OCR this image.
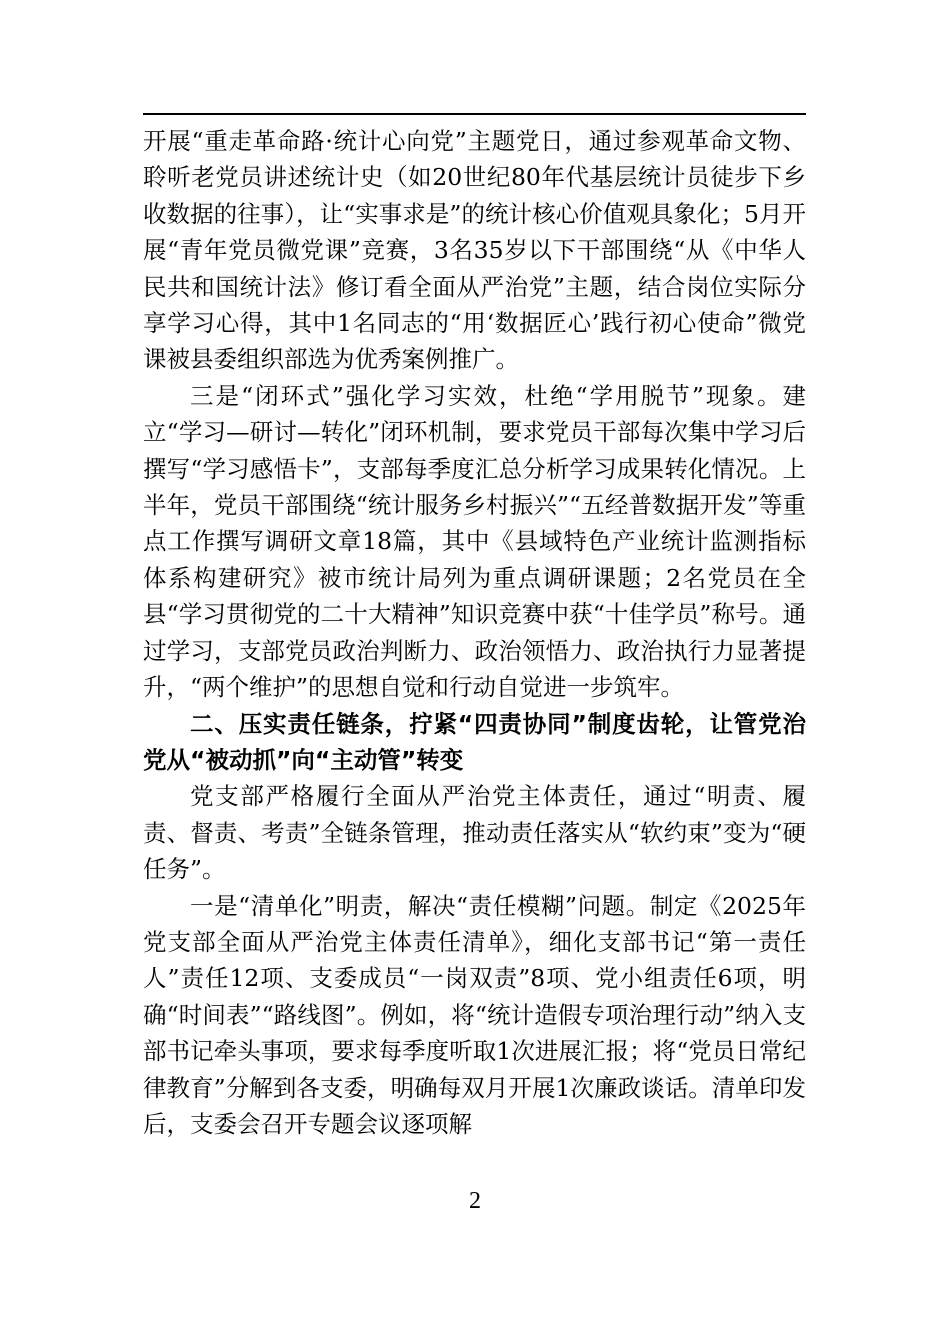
开展“重走革命路·统计心向党”主题党日，通过参观革命文物、聆听老党员讲述统计史（如20世纪80年代基层统计员徒步下乡收数据的往事），让“实事求是”的统计核心价值观具象化；5月开展“青年党员微党课”竞赛，3名35岁以下干部围绕“从《中华人民共和国统计法》修订看全面从严治党”主题，结合岗位实际分享学习心得，其中1名同志的“用‘数据匠心’践行初心使命”微党课被县委组织部选为优秀案例推广。

三是“闭环式”强化学习实效，杜绝“学用脱节”现象。建立“学习—研讨—转化”闭环机制，要求党员干部每次集中学习后撰写“学习感悟卡”，支部每季度汇总分析学习成果转化情况。上半年，党员干部围绕“统计服务乡村振兴”“五经普数据开发”等重点工作撰写调研文章18篇，其中《县域特色产业统计监测指标体系构建研究》被市统计局列为重点调研课题；2名党员在全县“学习贯彻党的二十大精神”知识竞赛中获“十佳学员”称号。通过学习，支部党员政治判断力、政治领悟力、政治执行力显著提升，“两个维护”的思想自觉和行动自觉进一步筑牢。

二、压实责任链条，拧紧“四责协同”制度齿轮，让管党治党从“被动抓”向“主动管”转变

党支部严格履行全面从严治党主体责任，通过“明责、履责、督责、考责”全链条管理，推动责任落实从“软约束”变为“硬任务”。

一是“清单化”明责，解决“责任模糊”问题。制定《2025年党支部全面从严治党主体责任清单》，细化支部书记“第一责任人”责任12项、支委成员“一岗双责”8项、党小组责任6项，明确“时间表”“路线图”。例如，将“统计造假专项治理行动”纳入支部书记牵头事项，要求每季度听取1次进展汇报；将“党员日常纪律教育”分解到各支委，明确每双月开展1次廉政谈话。清单印发后，支委会召开专题会议逐项解

2
